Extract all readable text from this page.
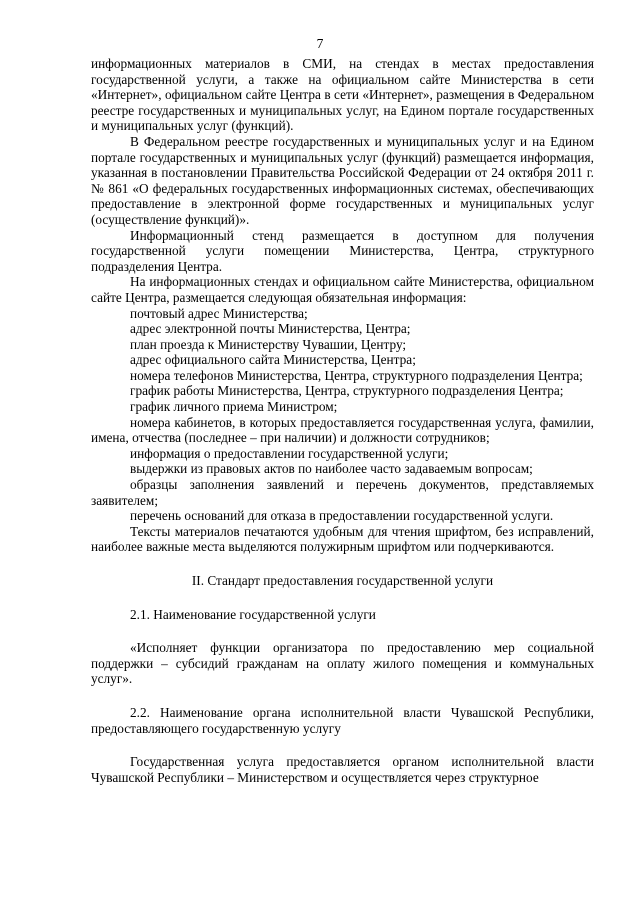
7

информационных материалов в СМИ, на стендах в местах предоставления государственной услуги, а также на официальном сайте Министерства в сети «Интернет», официальном сайте Центра в сети «Интернет», размещения в Федеральном реестре государственных и муниципальных услуг, на Едином портале государственных и муниципальных услуг (функций).

В Федеральном реестре государственных и муниципальных услуг и на Едином портале государственных и муниципальных услуг (функций) размещается информация, указанная в постановлении Правительства Российской Федерации от 24 октября 2011 г. № 861 «О федеральных государственных информационных системах, обеспечивающих предоставление в электронной форме государственных и муниципальных услуг (осуществление функций)».

Информационный стенд размещается в доступном для получения государственной услуги помещении Министерства, Центра, структурного подразделения Центра.

На информационных стендах и официальном сайте Министерства, официальном сайте Центра, размещается следующая обязательная информация:

почтовый адрес Министерства;

адрес электронной почты Министерства, Центра;

план проезда к Министерству Чувашии, Центру;

адрес официального сайта Министерства, Центра;

номера телефонов Министерства, Центра, структурного подразделения Центра;

график работы Министерства, Центра, структурного подразделения Центра;

график личного приема Министром;

номера кабинетов, в которых предоставляется государственная услуга, фамилии, имена, отчества (последнее – при наличии) и должности сотрудников;

информация о предоставлении государственной услуги;

выдержки из правовых актов по наиболее часто задаваемым вопросам;

образцы заполнения заявлений и перечень документов, представляемых заявителем;

перечень оснований для отказа в предоставлении государственной услуги.

Тексты материалов печатаются удобным для чтения шрифтом, без исправлений, наиболее важные места выделяются полужирным шрифтом или подчеркиваются.

II. Стандарт предоставления государственной услуги

2.1. Наименование государственной услуги

«Исполняет функции организатора по предоставлению мер социальной поддержки – субсидий гражданам на оплату жилого помещения и коммунальных услуг».

2.2. Наименование органа исполнительной власти Чувашской Республики, предоставляющего государственную услугу

Государственная услуга предоставляется органом исполнительной власти Чувашской Республики – Министерством и осуществляется через структурное
